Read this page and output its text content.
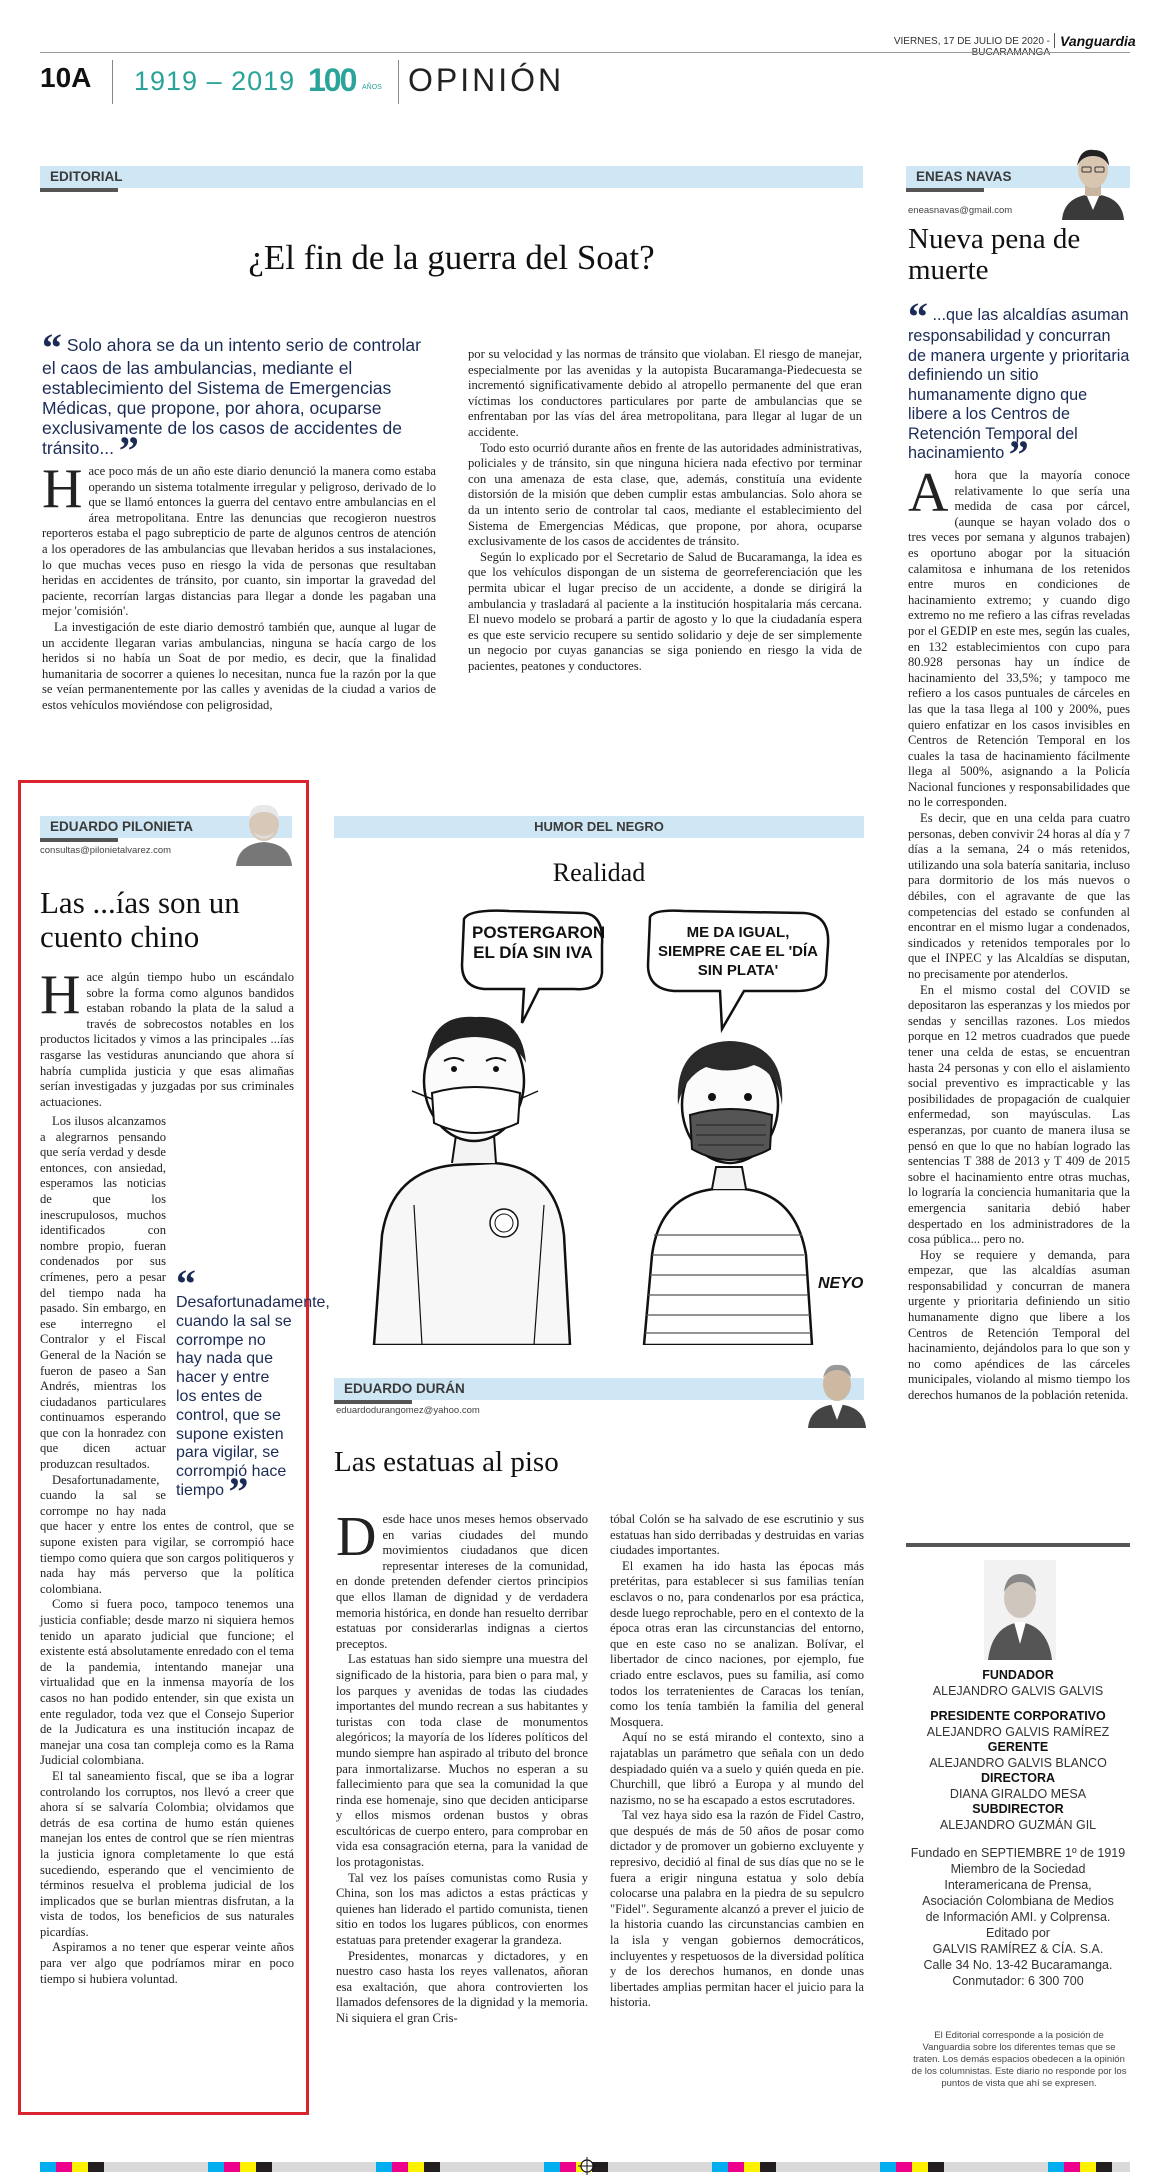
VIERNES, 17 DE JULIO DE 2020 - Vanguardia
10A 1919 – 2019 100 AÑOS OPINIÓN
EDITORIAL
¿El fin de la guerra del Soat?
“ Solo ahora se da un intento serio de controlar el caos de las ambulancias, mediante el establecimiento del Sistema de Emergencias Médicas, que propone, por ahora, ocuparse exclusivamente de los casos de accidentes de tránsito... ”
H ace poco más de un año este diario denunció la manera como estaba operando un sistema totalmente irregular y peligroso, derivado de lo que se llamó entonces la guerra del centavo entre ambulancias en el área metropolitana. Entre las denuncias que recogieron nuestros reporteros estaba el pago subrepticio de parte de algunos centros de atención a los operadores de las ambulancias que llevaban heridos a sus instalaciones, lo que muchas veces puso en riesgo la vida de personas que resultaban heridas en accidentes de tránsito, por cuanto, sin importar la gravedad del paciente, recorrían largas distancias para llegar a donde les pagaban una mejor 'comisión'.

La investigación de este diario demostró también que, aunque al lugar de un accidente llegaran varias ambulancias, ninguna se hacía cargo de los heridos si no había un Soat de por medio, es decir, que la finalidad humanitaria de socorrer a quienes lo necesitan, nunca fue la razón por la que se veían permanentemente por las calles y avenidas de la ciudad a varios de estos vehículos moviéndose con peligrosidad,

por su velocidad y las normas de tránsito que violaban. El riesgo de manejar, especialmente por las avenidas y la autopista Bucaramanga-Piedecuesta se incrementó significativamente debido al atropello permanente del que eran víctimas los conductores particulares por parte de ambulancias que se enfrentaban por las vías del área metropolitana, para llegar al lugar de un accidente.

Todo esto ocurrió durante años en frente de las autoridades administrativas, policiales y de tránsito, sin que ninguna hiciera nada efectivo por terminar con una amenaza de esta clase, que, además, constituía una evidente distorsión de la misión que deben cumplir estas ambulancias. Solo ahora se da un intento serio de controlar tal caos, mediante el establecimiento del Sistema de Emergencias Médicas, que propone, por ahora, ocuparse exclusivamente de los casos de accidentes de tránsito.

Según lo explicado por el Secretario de Salud de Bucaramanga, la idea es que los vehículos dispongan de un sistema de georreferenciación que les permita ubicar el lugar preciso de un accidente, a donde se dirigirá la ambulancia y trasladará al paciente a la institución hospitalaria más cercana. El nuevo modelo se probará a partir de agosto y lo que la ciudadanía espera es que este servicio recupere su sentido solidario y deje de ser simplemente un negocio por cuyas ganancias se siga poniendo en riesgo la vida de pacientes, peatones y conductores.

ENEAS NAVAS
eneasnavas@gmail.com
Nueva pena de muerte
“ ...que las alcaldías asuman responsabilidad y concurran de manera urgente y prioritaria definiendo un sitio humanamente digno que libere a los Centros de Retención Temporal del hacinamiento ”
A hora que la mayoría conoce relativamente lo que sería una medida de casa por cárcel, (aunque se hayan volado dos o tres veces por semana y algunos trabajen) es oportuno abogar por la situación calamitosa e inhumana de los retenidos entre muros en condiciones de hacinamiento extremo; y cuando digo extremo no me refiero a las cifras reveladas por el GEDIP en este mes, según las cuales, en 132 establecimientos con cupo para 80.928 personas hay un índice de hacinamiento del 33,5%; y tampoco me refiero a los casos puntuales de cárceles en las que la tasa llega al 100 y 200%, pues quiero enfatizar en los casos invisibles en Centros de Retención Temporal en los cuales la tasa de hacinamiento fácilmente llega al 500%, asignando a la Policía Nacional funciones y responsabilidades que no le corresponden.

Es decir, que en una celda para cuatro personas, deben convivir 24 horas al día y 7 días a la semana, 24 o más retenidos, utilizando una sola batería sanitaria, incluso para dormitorio de los más nuevos o débiles, con el agravante de que las competencias del estado se confunden al encontrar en el mismo lugar a condenados, sindicados y retenidos temporales por lo que el INPEC y las Alcaldías se disputan, no precisamente por atenderlos.

En el mismo costal del COVID se depositaron las esperanzas y los miedos por sendas y sencillas razones. Los miedos porque en 12 metros cuadrados que puede tener una celda de estas, se encuentran hasta 24 personas y con ello el aislamiento social preventivo es impracticable y las posibilidades de propagación de cualquier enfermedad, son mayúsculas. Las esperanzas, por cuanto de manera ilusa se pensó en que lo que no habían logrado las sentencias T 388 de 2013 y T 409 de 2015 sobre el hacinamiento entre otras muchas, lo lograría la conciencia humanitaria que la emergencia sanitaria debió haber despertado en los administradores de la cosa pública... pero no.

Hoy se requiere y demanda, para empezar, que las alcaldías asuman responsabilidad y concurran de manera urgente y prioritaria definiendo un sitio humanamente digno que libere a los Centros de Retención Temporal del hacinamiento, dejándolos para lo que son y no como apéndices de las cárceles municipales, violando al mismo tiempo los derechos humanos de la población retenida.

EDUARDO PILONIETA
consultas@pilonietalvarez.com
Las ...ías son un cuento chino
H ace algún tiempo hubo un escándalo sobre la forma como algunos bandidos estaban robando la plata de la salud a través de sobrecostos notables en los productos licitados y vimos a las principales ...ías rasgarse las vestiduras anunciando que ahora sí habría cumplida justicia y que esas alimañas serían investigadas y juzgadas por sus criminales actuaciones.

“ Desafortunadamente, cuando la sal se corrompe no hay nada que hacer y entre los entes de control, que se supone existen para vigilar, se corrompió hace tiempo ”

Los ilusos alcanzamos a alegrarnos pensando que sería verdad y desde entonces, con ansiedad, esperamos las noticias de que los inescrupulosos, muchos identificados con nombre propio, fueran condenados por sus crímenes, pero a pesar del tiempo nada ha pasado. Sin embargo, en ese interregno el Contralor y el Fiscal General de la Nación se fueron de paseo a San Andrés, mientras los ciudadanos particulares continuamos esperando que con la honradez con que dicen actuar produzcan resultados.

Desafortunadamente, cuando la sal se corrompe no hay nada que hacer y entre los entes de control, que se supone existen para vigilar, se corrompió hace tiempo como quiera que son cargos politiqueros y nada hay más perverso que la política colombiana.

Como si fuera poco, tampoco tenemos una justicia confiable; desde marzo ni siquiera hemos tenido un aparato judicial que funcione; el existente está absolutamente enredado con el tema de la pandemia, intentando manejar una virtualidad que en la inmensa mayoría de los casos no han podido entender, sin que exista un ente regulador, toda vez que el Consejo Superior de la Judicatura es una institución incapaz de manejar una cosa tan compleja como es la Rama Judicial colombiana.

El tal saneamiento fiscal, que se iba a lograr controlando los corruptos, nos llevó a creer que ahora sí se salvaría Colombia; olvidamos que detrás de esa cortina de humo están quienes manejan los entes de control que se ríen mientras la justicia ignora completamente lo que está sucediendo, esperando que el vencimiento de términos resuelva el problema judicial de los implicados que se burlan mientras disfrutan, a la vista de todos, los beneficios de sus naturales picardías.

Aspiramos a no tener que esperar veinte años para ver algo que podríamos mirar en poco tiempo si hubiera voluntad.

HUMOR DEL NEGRO
Realidad
POSTERGARON EL DÍA SIN IVA
ME DA IGUAL, SIEMPRE CAE EL 'DÍA SIN PLATA'
NEYO
EDUARDO DURÁN
eduardodurangomez@yahoo.com
Las estatuas al piso
D esde hace unos meses hemos observado en varias ciudades del mundo movimientos ciudadanos que dicen representar intereses de la comunidad, en donde pretenden defender ciertos principios que ellos llaman de dignidad y de verdadera memoria histórica, en donde han resuelto derribar estatuas por considerarlas indignas a ciertos preceptos.

Las estatuas han sido siempre una muestra del significado de la historia, para bien o para mal, y los parques y avenidas de todas las ciudades importantes del mundo recrean a sus habitantes y turistas con toda clase de monumentos alegóricos; la mayoría de los líderes políticos del mundo siempre han aspirado al tributo del bronce para inmortalizarse. Muchos no esperan a su fallecimiento para que sea la comunidad la que rinda ese homenaje, sino que deciden anticiparse y ellos mismos ordenan bustos y obras escultóricas de cuerpo entero, para comprobar en vida esa consagración eterna, para la vanidad de los protagonistas.

Tal vez los países comunistas como Rusia y China, son los mas adictos a estas prácticas y quienes han liderado el partido comunista, tienen sitio en todos los lugares públicos, con enormes estatuas para pretender exagerar la grandeza.

Presidentes, monarcas y dictadores, y en nuestro caso hasta los reyes vallenatos, añoran esa exaltación, que ahora controvierten los llamados defensores de la dignidad y la memoria. Ni siquiera el gran Cris-

tóbal Colón se ha salvado de ese escrutinio y sus estatuas han sido derribadas y destruidas en varias ciudades importantes.

El examen ha ido hasta las épocas más pretéritas, para establecer si sus familias tenían esclavos o no, para condenarlos por esa práctica, desde luego reprochable, pero en el contexto de la época otras eran las circunstancias del entorno, que en este caso no se analizan. Bolívar, el libertador de cinco naciones, por ejemplo, fue criado entre esclavos, pues su familia, así como todos los terratenientes de Caracas los tenían, como los tenía también la familia del general Mosquera.

Aquí no se está mirando el contexto, sino a rajatablas un parámetro que señala con un dedo despiadado quién va a suelo y quién queda en pie. Churchill, que libró a Europa y al mundo del nazismo, no se ha escapado a estos escrutadores.

Tal vez haya sido esa la razón de Fidel Castro, que después de más de 50 años de posar como dictador y de promover un gobierno excluyente y represivo, decidió al final de sus días que no se le fuera a erigir ninguna estatua y solo debía colocarse una palabra en la piedra de su sepulcro "Fidel". Seguramente alcanzó a prever el juicio de la historia cuando las circunstancias cambien en la isla y vengan gobiernos democráticos, incluyentes y respetuosos de la diversidad política y de los derechos humanos, en donde unas libertades amplias permitan hacer el juicio para la historia.

FUNDADOR
ALEJANDRO GALVIS GALVIS
PRESIDENTE CORPORATIVO
ALEJANDRO GALVIS RAMÍREZ
GERENTE
ALEJANDRO GALVIS BLANCO
DIRECTORA
DIANA GIRALDO MESA
SUBDIRECTOR
ALEJANDRO GUZMÁN GIL
Fundado en SEPTIEMBRE 1º de 1919
Miembro de la Sociedad
Interamericana de Prensa,
Asociación Colombiana de Medios
de Información AMI. y Colprensa.
Editado por
GALVIS RAMÍREZ & CÍA. S.A.
Calle 34 No. 13-42 Bucaramanga.
Conmutador: 6 300 700
El Editorial corresponde a la posición de Vanguardia sobre los diferentes temas que se traten. Los demás espacios obedecen a la opinión de los columnistas. Este diario no responde por los puntos de vista que ahí se expresen.
